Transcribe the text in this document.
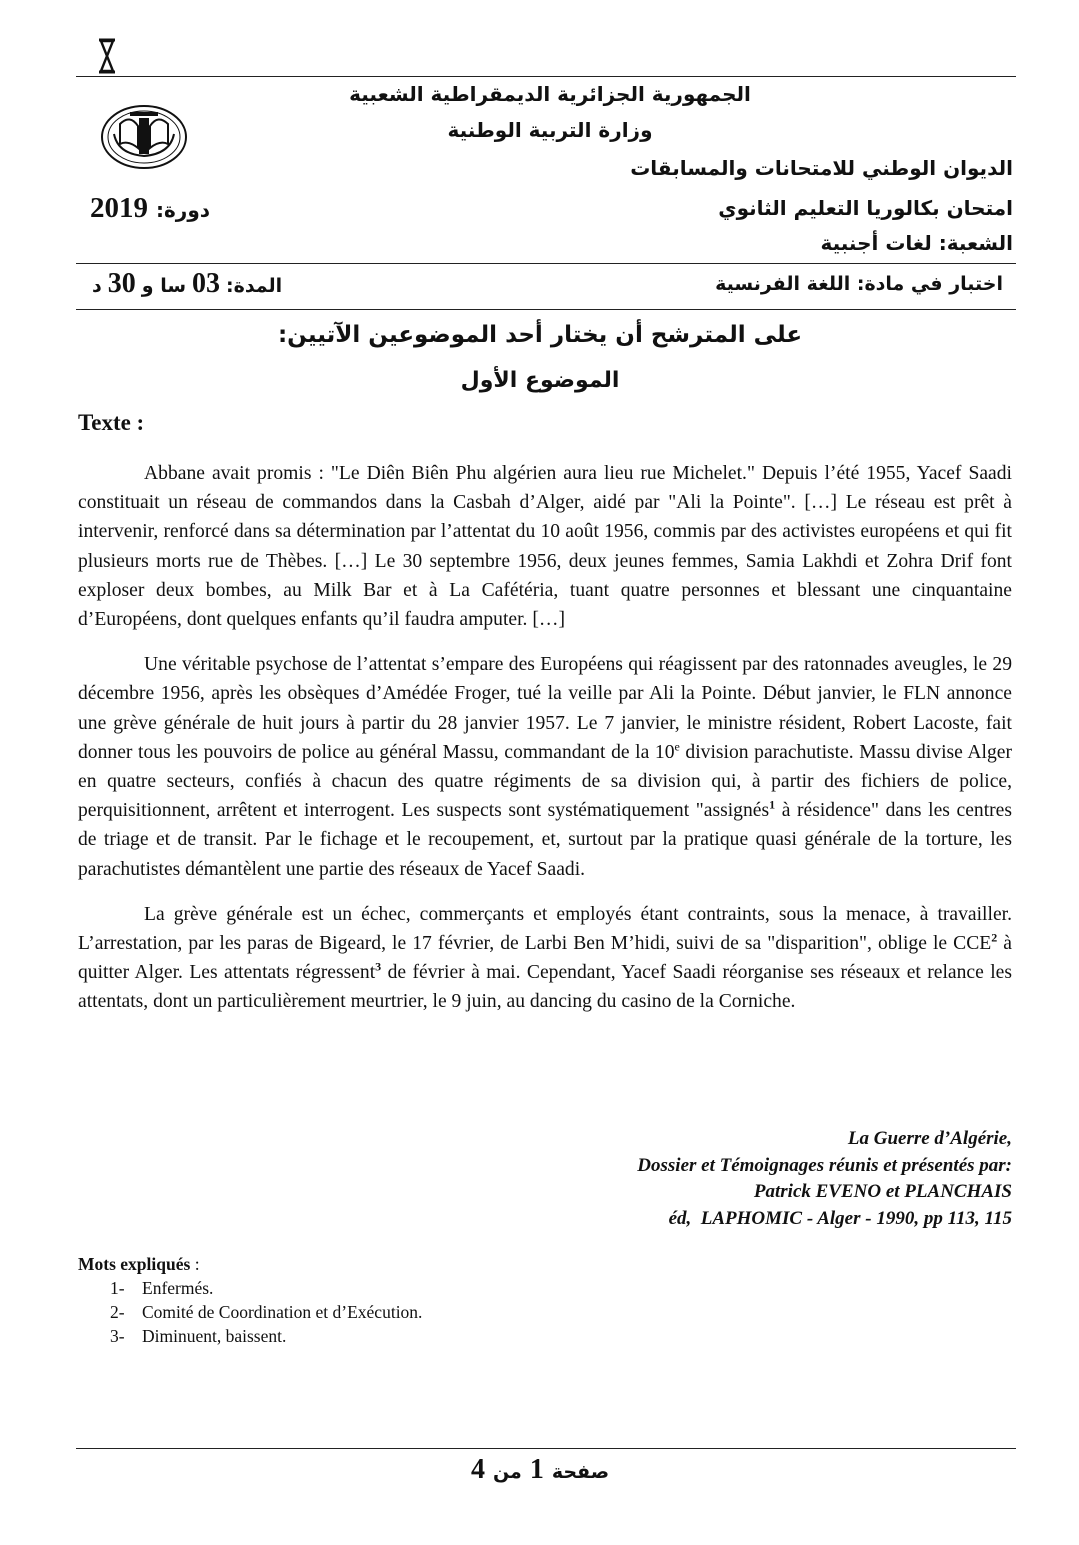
الجمهورية الجزائرية الديمقراطية الشعبية
وزارة التربية الوطنية
الديوان الوطني للامتحانات والمسابقات
امتحان بكالوريا التعليم الثانوي
الشعبة: لغات أجنبية
دورة:
2019
اختبار في مادة: اللغة الفرنسية
المدة:
03
سا و
30
د
على المترشح أن يختار أحد الموضوعين الآتيين:
الموضوع الأول
Texte :

Abbane avait promis : "Le Diên Biên Phu algérien aura lieu rue Michelet." Depuis l’été 1955, Yacef Saadi constituait un réseau de commandos dans la Casbah d’Alger, aidé par "Ali la Pointe". […] Le réseau est prêt à intervenir, renforcé dans sa détermination par l’attentat du 10 août 1956, commis par des activistes européens et qui fit plusieurs morts rue de Thèbes. […] Le 30 septembre 1956, deux jeunes femmes, Samia Lakhdi et Zohra Drif font exploser deux bombes, au Milk Bar et à La Cafétéria, tuant quatre personnes et blessant une cinquantaine d’Européens, dont quelques enfants qu’il faudra amputer. […]

Une véritable psychose de l’attentat s’empare des Européens qui réagissent par des ratonnades aveugles, le 29 décembre 1956, après les obsèques d’Amédée Froger, tué la veille par Ali la Pointe. Début janvier, le FLN annonce une grève générale de huit jours à partir du 28 janvier 1957. Le 7 janvier, le ministre résident, Robert Lacoste, fait donner tous les pouvoirs de police au général Massu, commandant de la 10e division parachutiste. Massu divise Alger en quatre secteurs, confiés à chacun des quatre régiments de sa division qui, à partir des fichiers de police, perquisitionnent, arrêtent et interrogent. Les suspects sont systématiquement "assignés$^1$ à résidence" dans les centres de triage et de transit. Par le fichage et le recoupement, et, surtout par la pratique quasi générale de la torture, les parachutistes démantèlent une partie des réseaux de Yacef Saadi.

La grève générale est un échec, commerçants et employés étant contraints, sous la menace, à travailler. L’arrestation, par les paras de Bigeard, le 17 février, de Larbi Ben M’hidi, suivi de sa "disparition", oblige le CCE$^2$ à quitter Alger. Les attentats régressent$^3$ de février à mai. Cependant, Yacef Saadi réorganise ses réseaux et relance les attentats, dont un particulièrement meurtrier, le 9 juin, au dancing du casino de la Corniche.

La Guerre d’Algérie,
Dossier et Témoignages réunis et présentés par:
Patrick EVENO et PLANCHAIS
éd,  LAPHOMIC - Alger - 1990, pp 113, 115
Mots expliqués :
1- Enfermés.
2- Comité de Coordination et d’Exécution.
3- Diminuent, baissent.
صفحة
1
من
4
